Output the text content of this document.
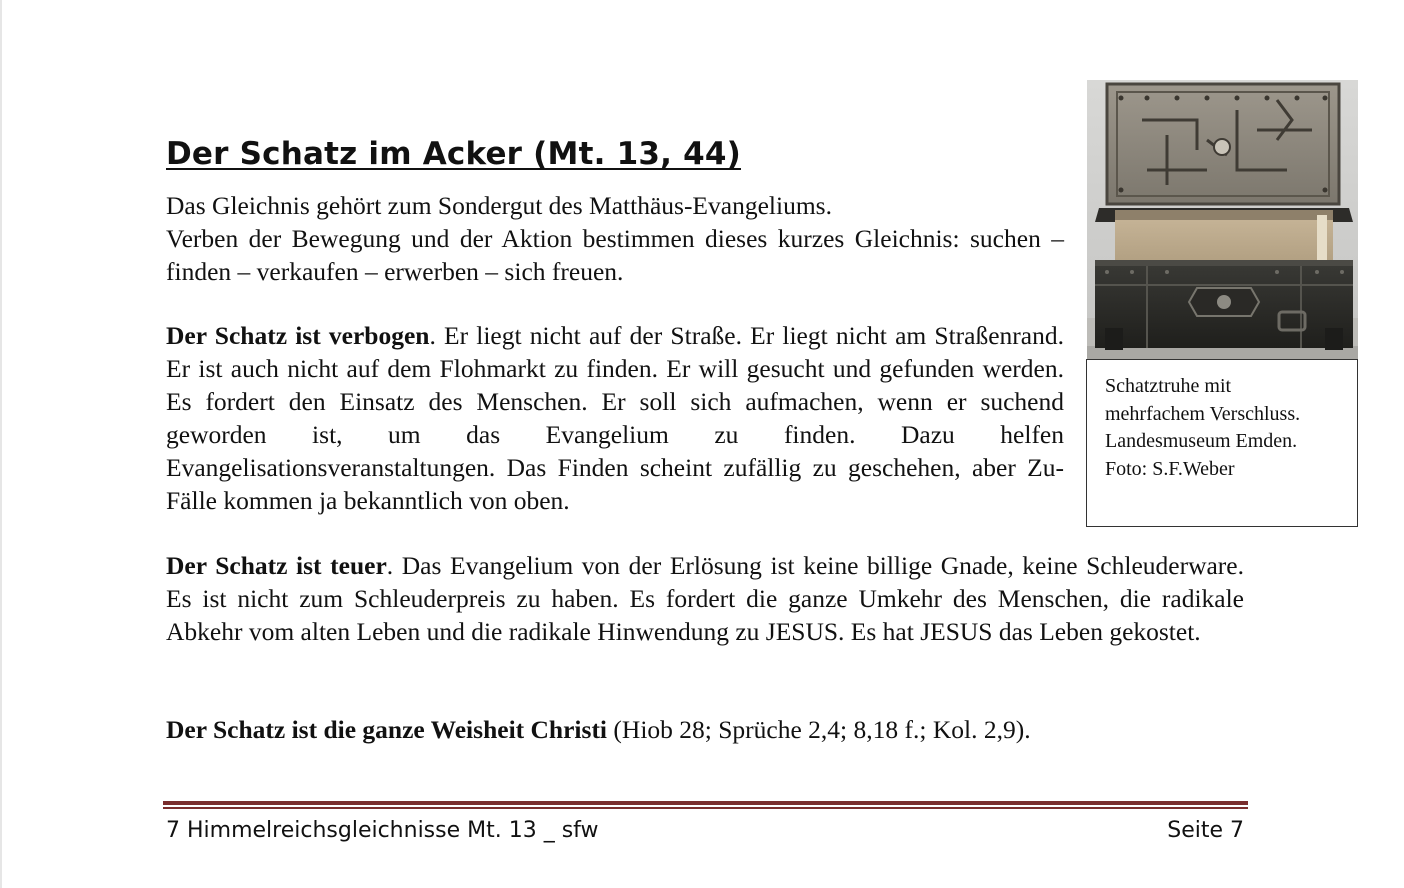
Der Schatz im Acker (Mt. 13, 44)
Das Gleichnis gehört zum Sondergut des Matthäus-Evangeliums.
Verben der Bewegung und der Aktion bestimmen dieses kurzes Gleichnis: suchen – finden – verkaufen – erwerben – sich freuen.

Der Schatz ist verbogen. Er liegt nicht auf der Straße. Er liegt nicht am Straßenrand. Er ist auch nicht auf dem Flohmarkt zu finden. Er will gesucht und gefunden werden. Es fordert den Einsatz des Menschen. Er soll sich aufmachen, wenn er suchend geworden ist, um das Evangelium zu finden. Dazu helfen Evangelisationsveranstaltungen. Das Finden scheint zufällig zu geschehen, aber Zu-Fälle kommen ja bekanntlich von oben.

Der Schatz ist teuer. Das Evangelium von der Erlösung ist keine billige Gnade, keine Schleuderware. Es ist nicht zum Schleuderpreis zu haben. Es fordert die ganze Umkehr des Menschen, die radikale Abkehr vom alten Leben und die radikale Hinwendung zu JESUS. Es hat JESUS das Leben gekostet.

Der Schatz ist die ganze Weisheit Christi (Hiob 28; Sprüche 2,4; 8,18 f.; Kol. 2,9).

Schatztruhe mit
mehrfachem Verschluss.
Landesmuseum Emden.
Foto: S.F.Weber
7 Himmelreichsgleichnisse Mt. 13 _ sfw	Seite 7
